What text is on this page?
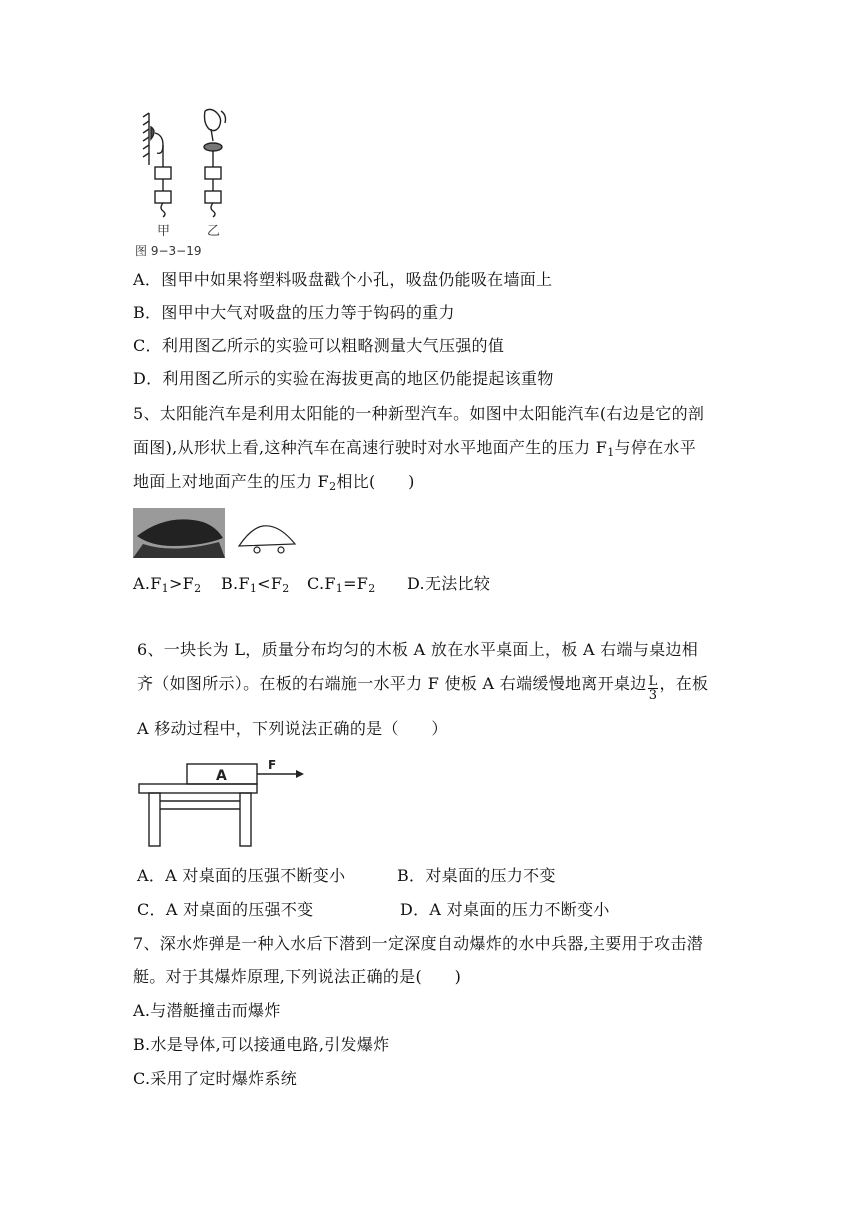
甲	乙
图 9−3−19
A．图甲中如果将塑料吸盘戳个小孔，吸盘仍能吸在墙面上
B．图甲中大气对吸盘的压力等于钩码的重力
C．利用图乙所示的实验可以粗略测量大气压强的值
D．利用图乙所示的实验在海拔更高的地区仍能提起该重物
5、太阳能汽车是利用太阳能的一种新型汽车。如图中太阳能汽车(右边是它的剖
面图),从形状上看,这种汽车在高速行驶时对水平地面产生的压力 $F_1$与停在水平
地面上对地面产生的压力 $F_2$相比(　　)
$A.F_1>F_2$ $B.F_1<F_2$ $C.F_1=F_2$ D.无法比较
6、一块长为 L，质量分布均匀的木板 A 放在水平桌面上，板 A 右端与桌边相
齐（如图所示）。在板的右端施一水平力 F 使板 A 右端缓慢地离开桌边 $\frac{L}{3}$ ，在板
A 移动过程中，下列说法正确的是（　　）
A
F
A．A 对桌面的压强不断变小	B．对桌面的压力不变
C．A 对桌面的压强不变	D．A 对桌面的压力不断变小
7、深水炸弹是一种入水后下潜到一定深度自动爆炸的水中兵器,主要用于攻击潜
艇。对于其爆炸原理,下列说法正确的是(　　)
A.与潜艇撞击而爆炸
B.水是导体,可以接通电路,引发爆炸
C.采用了定时爆炸系统
